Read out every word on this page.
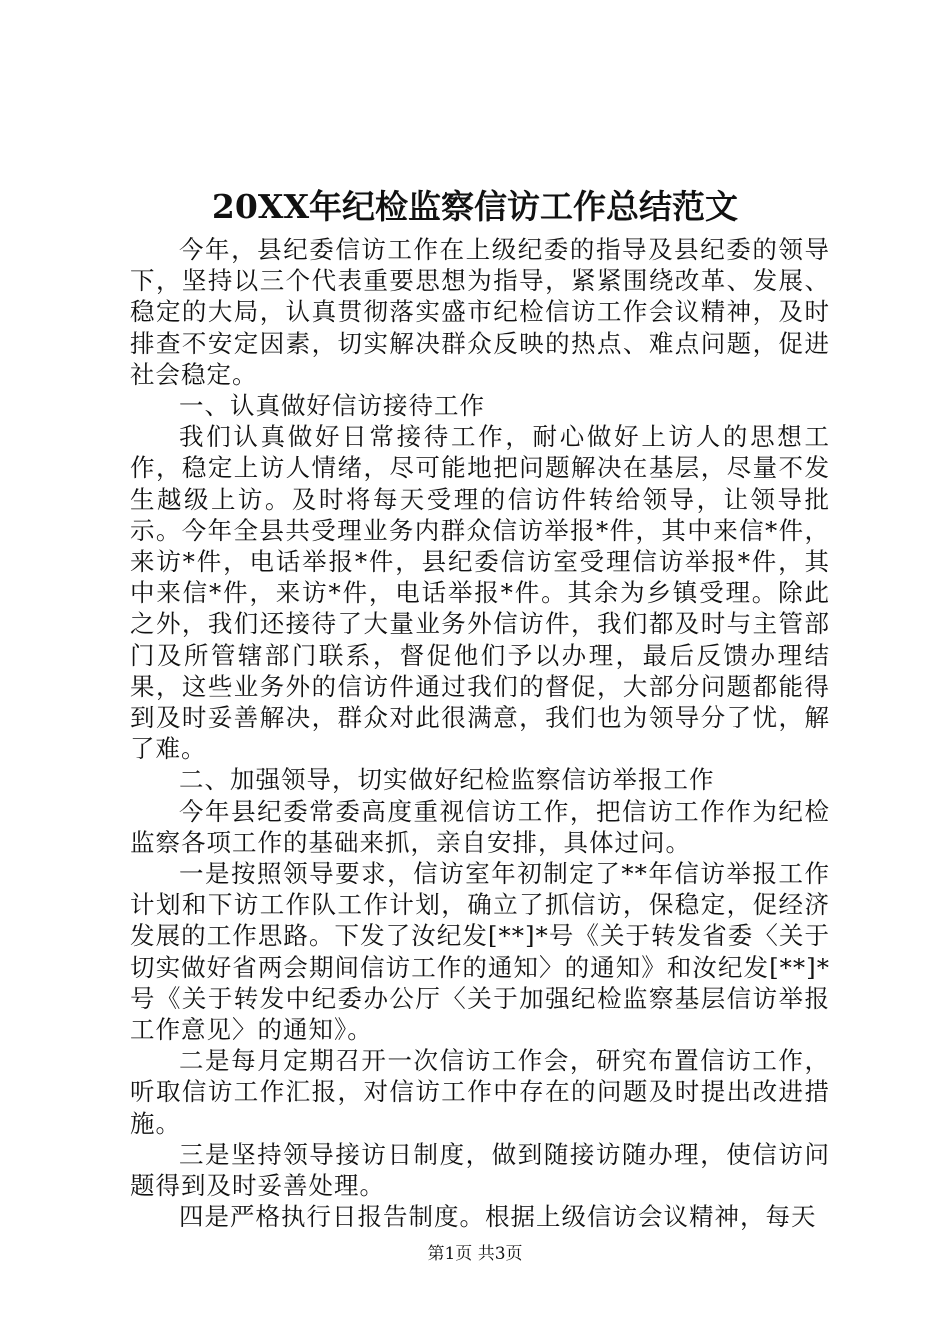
20XX年纪检监察信访工作总结范文

今年，县纪委信访工作在上级纪委的指导及县纪委的领导下，坚持以三个代表重要思想为指导，紧紧围绕改革、发展、稳定的大局，认真贯彻落实盛市纪检信访工作会议精神，及时排查不安定因素，切实解决群众反映的热点、难点问题，促进社会稳定。

一、认真做好信访接待工作

我们认真做好日常接待工作，耐心做好上访人的思想工作，稳定上访人情绪，尽可能地把问题解决在基层，尽量不发生越级上访。及时将每天受理的信访件转给领导，让领导批示。今年全县共受理业务内群众信访举报*件，其中来信*件，来访*件，电话举报*件，县纪委信访室受理信访举报*件，其中来信*件，来访*件，电话举报*件。其余为乡镇受理。除此之外，我们还接待了大量业务外信访件，我们都及时与主管部门及所管辖部门联系，督促他们予以办理，最后反馈办理结果，这些业务外的信访件通过我们的督促，大部分问题都能得到及时妥善解决，群众对此很满意，我们也为领导分了忧，解了难。

二、加强领导，切实做好纪检监察信访举报工作

今年县纪委常委高度重视信访工作，把信访工作作为纪检监察各项工作的基础来抓，亲自安排，具体过问。

一是按照领导要求，信访室年初制定了**年信访举报工作计划和下访工作队工作计划，确立了抓信访，保稳定，促经济发展的工作思路。下发了汝纪发[**]*号《关于转发省委〈关于切实做好省两会期间信访工作的通知〉的通知》和汝纪发[**]*号《关于转发中纪委办公厅〈关于加强纪检监察基层信访举报工作意见〉的通知》。

二是每月定期召开一次信访工作会，研究布置信访工作，听取信访工作汇报，对信访工作中存在的问题及时提出改进措施。

三是坚持领导接访日制度，做到随接访随办理，使信访问题得到及时妥善处理。

四是严格执行日报告制度。根据上级信访会议精神，每天

第1页 共3页
